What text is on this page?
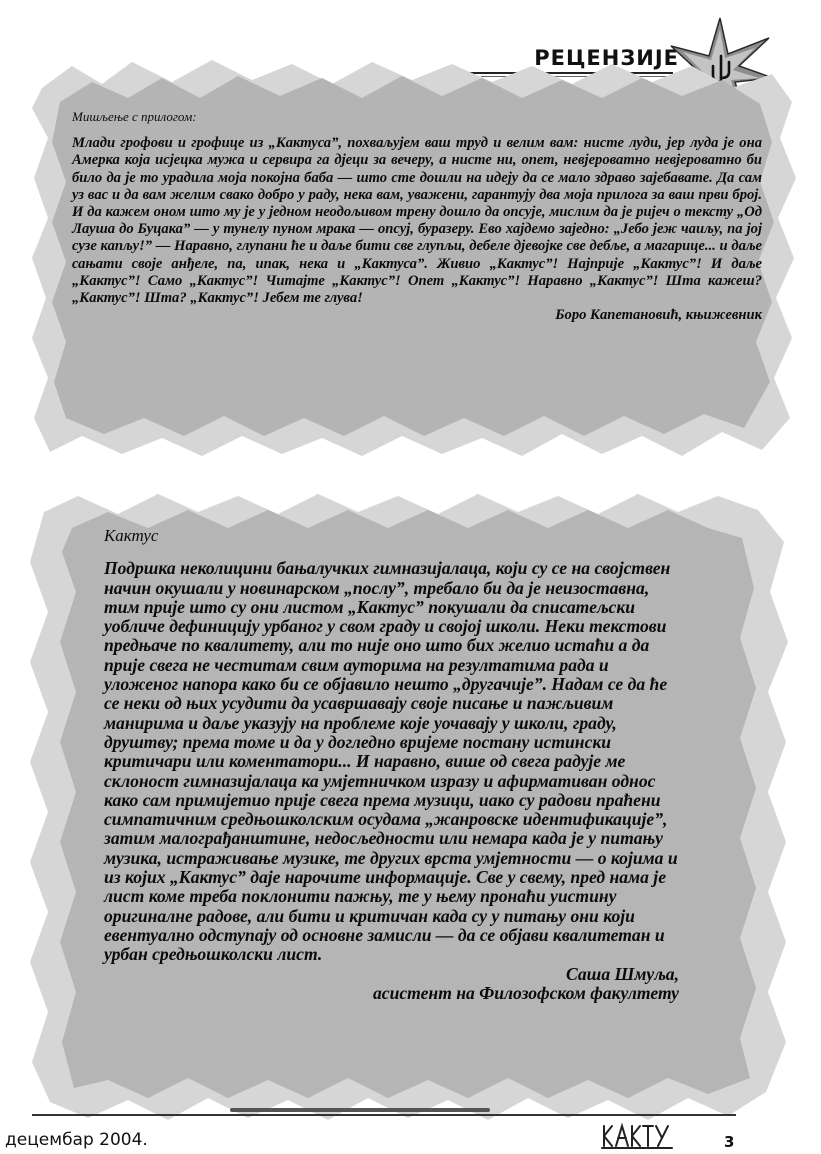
РЕЦЕНЗИЈЕ
Мишљење с прилогом:
Млади грофови и грофице из „Кактуса”, похваљујем ваш труд и велим вам: нисте луди, јер луда је она Амерка која исјецка мужа и сервира га дјеци за вечеру, а нисте ни, опет, невјероватно невјероватно би било да је то урадила моја покојна баба — што сте дошли на идеју да се мало здраво зајебавате. Да сам уз вас и да вам желим свако добро у раду, нека вам, уважени, гарантују два моја прилога за ваш први број. И да кажем оном што му је у једном неодољивом трену дошло да опсује, мислим да је ријеч о тексту „Од Лауша до Буцака” — у тунелу пуном мрака — опсуј, буразеру. Ево хајдемо заједно: „Јебо јеж чаиљу, па јој сузе капљу!” — Наравно, глупани ће и даље бити све глупљи, дебеле дјевојке све дебље, а магарице... и даље сањати своје анђеле, па, ипак, нека и „Кактуса”. Живио „Кактус”! Најприје „Кактус”! И даље „Кактус”! Само „Кактус”! Читајте „Кактус”! Опет „Кактус”! Наравно „Кактус”! Шта кажеш? „Кактус”! Шта? „Кактус”! Јебем те глува!
Боро Капетановић, књижевник
Кактус
Подршка неколицини бањалучких гимназијалаца, који су се на својствен начин окушали у новинарском „послу”, требало би да је неизоставна, тим прије што су они листом „Кактус” покушали да списатељски уобличе дефиницију урбаног у свом граду и својој школи. Неки текстови предњаче по квалитету, али то није оно што бих желио истаћи а да прије свега не честитам свим ауторима на резултатима рада и уложеног напора како би се објавило нешто „другачије”. Надам се да ће се неки од њих усудити да усавршавају своје писање и пажљивим манирима и даље указују на проблеме које уочавају у школи, граду, друштву; према томе и да у догледно вријеме постану истински критичари или коментатори... И наравно, више од свега радује ме склоност гимназијалаца ка умјетничком изразу и афирмативан однос како сам примијетио прије свега према музици, иако су радови праћени симпатичним средњошколским осудама „жанровске идентификације”, затим малограђанштине, недосљедности или немара када је у питању музика, истраживање музике, те других врста умјетности — о којима и из којих „Кактус” даје нарочите информације. Све у свему, пред нама је лист коме треба поклонити пажњу, те у њему пронаћи уистину оригиналне радове, али бити и критичан када су у питању они који евентуално одступају од основне замисли — да се објави квалитетан и урбан средњошколски лист.
Саша Шмуља,
асистент на Филозофском факултету
децембар 2004.	3
